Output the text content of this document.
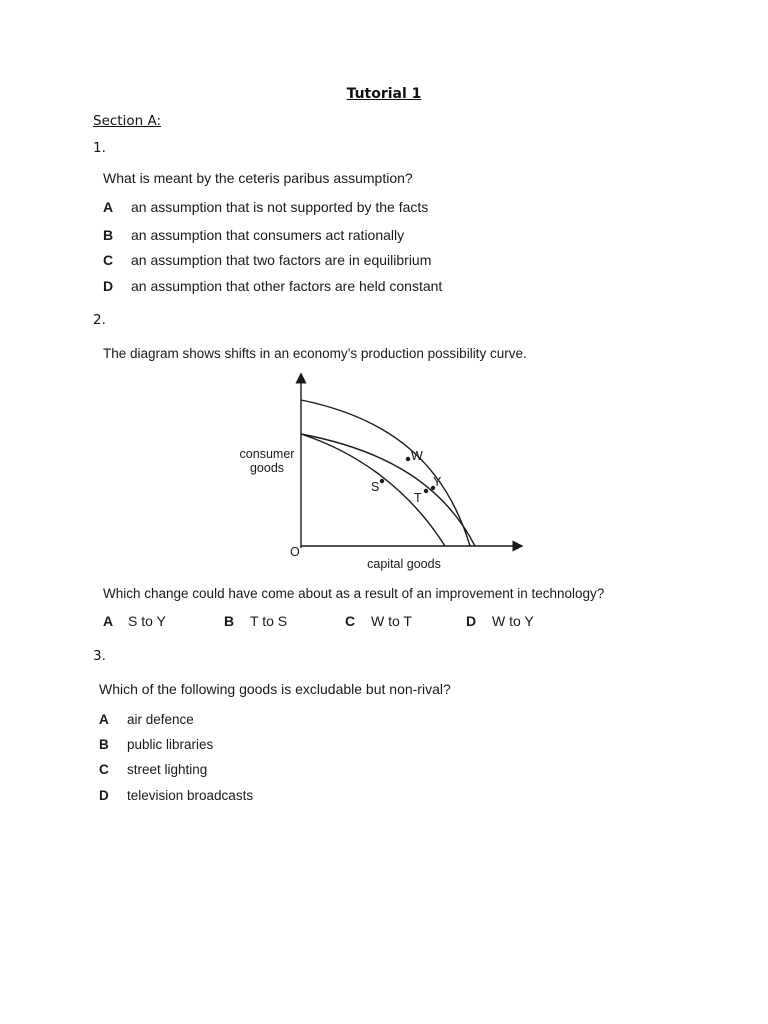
Tutorial 1
Section A:
1.
What is meant by the ceteris paribus assumption?
A an assumption that is not supported by the facts
B an assumption that consumers act rationally
C an assumption that two factors are in equilibrium
D an assumption that other factors are held constant
2.
The diagram shows shifts in an economy’s production possibility curve.
consumer
goods
capital goods
O
W
Y
S
T
Which change could have come about as a result of an improvement in technology?
A S to Y	B T to S	C W to T	D W to Y
3.
Which of the following goods is excludable but non-rival?
A air defence
B public libraries
C street lighting
D television broadcasts
